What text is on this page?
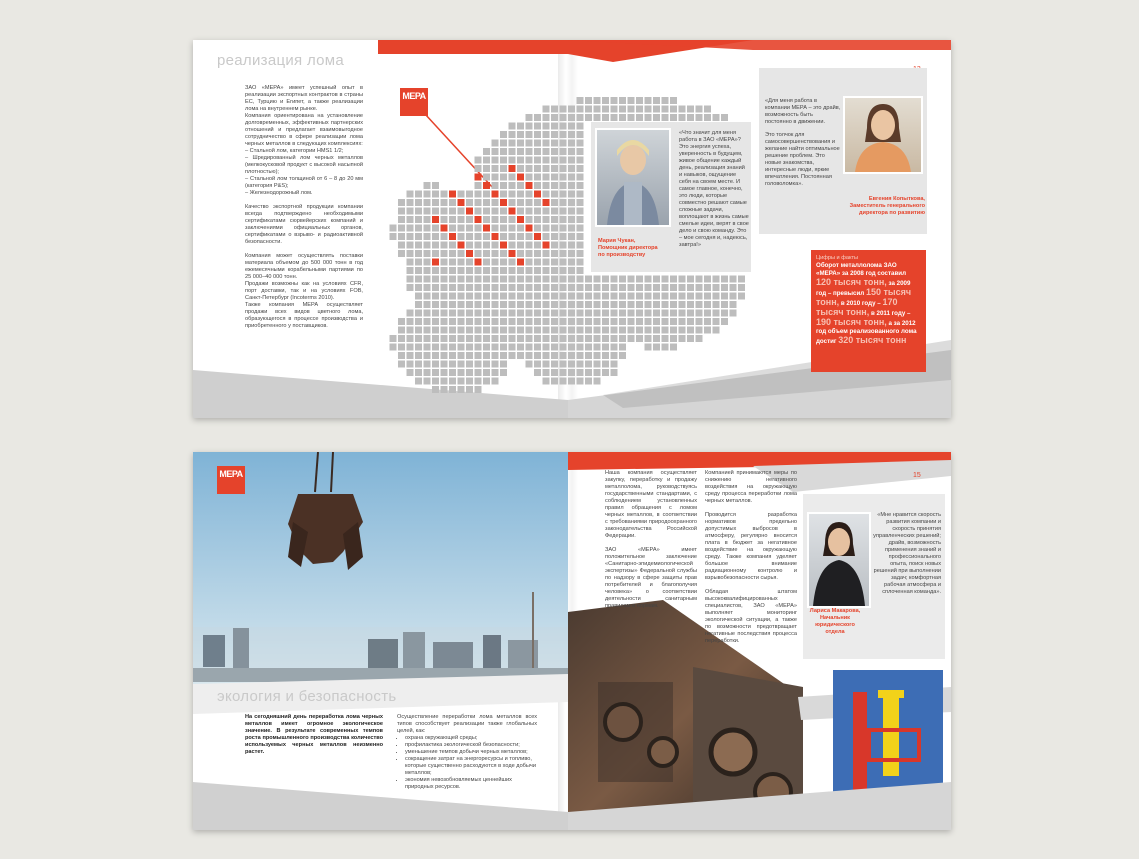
реализация лома
ЗАО «МЕРА» имеет успешный опыт в реализации экспортных контрактов в страны ЕС, Турцию и Египет, а также реализации лома на внутреннем рынке.
Компания ориентирована на установление долговременных, эффективных партнерских отношений и предлагает взаимовыгодное сотрудничество в сфере реализации лома черных металлов в следующих комплексиях:
– Стальной лом, категории HMS1 1/2;
– Шредированный лом черных металлов (мелкокусковой продукт с высокой насыпной плотностью);
– Стальной лом толщиной от 6 – 8 до 20 мм (категория P&S);
– Железнодорожный лом.

Качество экспортной продукции компании всегда подтверждено необходимыми сертификатами сюрвейерских компаний и заключениями официальных органов, сертификатами о взрыво- и радиоактивной безопасности.

Компания может осуществлять поставки материала объемом до 500 000 тонн в год ежемесячными корабельными партиями по 25 000–40 000 тонн.
Продажи возможны как на условиях CFR, порт доставки, так и на условиях FOB, Санкт-Петербург (Incoterms 2010).
Также компания МЕРА осуществляет продажи всех видов цветного лома, образующегося в процессе производства и приобретенного у поставщиков.
МЕРА
«Что значит для меня работа в ЗАО «МЕРА»? Это энергия успеха, уверенность в будущем, живое общение каждый день, реализация знаний и навыков, ощущение себя на своем месте. И самое главное, конечно, это люди, которые совместно решают самые сложные задачи, воплощают в жизнь самые смелые идеи, верят в свое дело и свою команду. Это – мое сегодня и, надеюсь, завтра!»
Мария Чукан,
Помощник директора
по производству
«Для меня работа в компании МЕРА – это драйв, возможность быть постоянно в движении.
Это толчок для самосовершенствования и желание найти оптимальное решение проблем. Это новые знакомства, интересные люди, яркие впечатления. Постоянная головоломка».
Евгения Копыткова,
Заместитель генерального
директора по развитию
Цифры и факты
Оборот металлолома ЗАО «МЕРА» за 2008 год составил 120 тысяч тонн, за 2009 год – превысил 150 тысяч тонн, в 2010 году – 170 тысяч тонн, в 2011 году – 190 тысяч тонн, а за 2012 год объем реализованного лома достиг 320 тысяч тонн
МЕРА
экология и безопасность
15
На сегодняшний день переработка лома черных металлов имеет огромное экологическое значение. В результате современных темпов роста промышленного производства количество используемых черных металлов неизменно растет.
Осуществление переработки лома металлов всех типов способствует реализации также глобальных целей, как:
• охрана окружающей среды;
• профилактика экологической безопасности;
• уменьшение темпов добычи черных металлов;
• сокращение затрат на энергоресурсы и топливо, которые существенно расходуются в ходе добычи металлов;
• экономия невозобновляемых ценнейших природных ресурсов.
Наша компания осуществляет закупку, переработку и продажу металлолома, руководствуясь государственными стандартами, с соблюдением установленных правил обращения с ломом черных металлов, в соответствии с требованиями природоохранного законодательства Российской Федерации.

ЗАО «МЕРА» имеет положительное заключение «Санитарно-эпидемиологической экспертизы» Федеральной службы по надзору в сфере защиты прав потребителей и благополучия человека» о соответствии деятельности санитарным правилам и нормам.
Компанией принимаются меры по снижению негативного воздействия на окружающую среду процесса переработки лома черных металлов.

Проводится разработка нормативов предельно допустимых выбросов в атмосферу, регулярно вносится плата в бюджет за негативное воздействие на окружающую среду. Также компания уделяет большое внимание радиационному контролю и взрывобезопасности сырья.

Обладая штатом высококвалифицированных специалистов, ЗАО «МЕРА» выполняет мониторинг экологической ситуации, а также по возможности предотвращает негативные последствия процесса переработки.
Лариса Макарова,
Начальник
юридического
отдела
«Мне нравится скорость развития компании и скорость принятия управленческих решений; драйв, возможность применения знаний и профессионального опыта, поиск новых решений при выполнении задач; комфортная рабочая атмосфера и сплоченная команда».
